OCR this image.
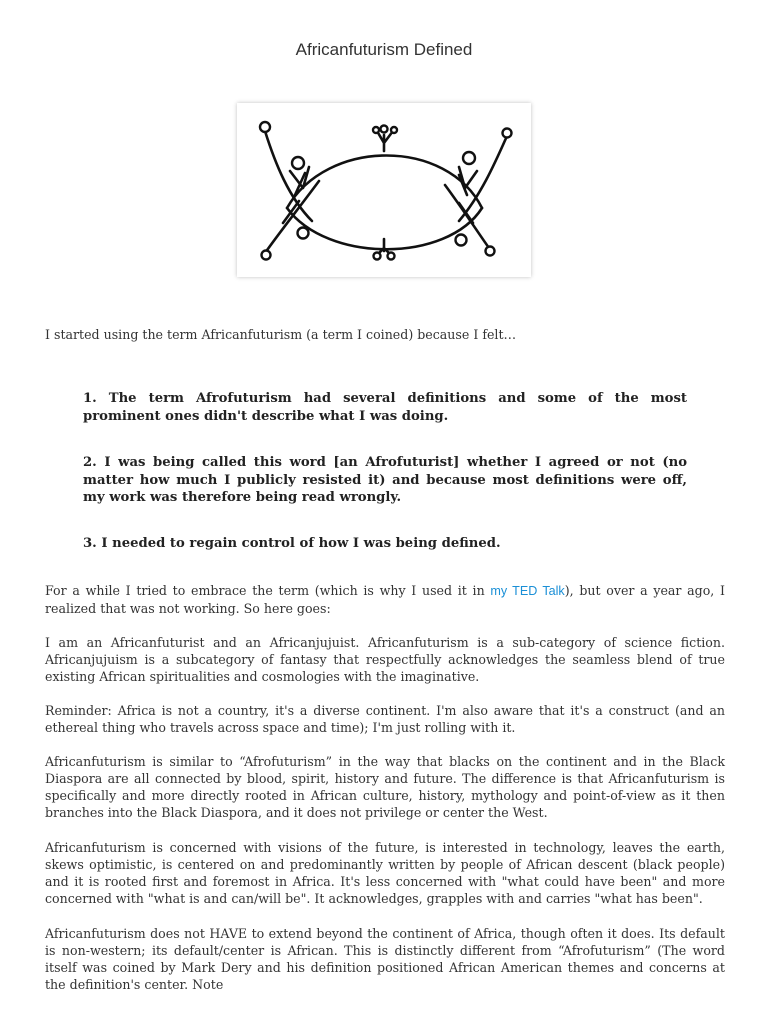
Africanfuturism Defined
I started using the term Africanfuturism (a term I coined) because I felt…
1. The term Afrofuturism had several definitions and some of the most prominent ones didn't describe what I was doing.
2. I was being called this word [an Afrofuturist] whether I agreed or not (no matter how much I publicly resisted it) and because most definitions were off, my work was therefore being read wrongly.
3. I needed to regain control of how I was being defined.
For a while I tried to embrace the term (which is why I used it in my TED Talk), but over a year ago, I realized that was not working. So here goes:
I am an Africanfuturist and an Africanjujuist. Africanfuturism is a sub-category of science fiction. Africanjujuism is a subcategory of fantasy that respectfully acknowledges the seamless blend of true existing African spiritualities and cosmologies with the imaginative.
Reminder: Africa is not a country, it's a diverse continent. I'm also aware that it's a construct (and an ethereal thing who travels across space and time); I'm just rolling with it.
Africanfuturism is similar to “Afrofuturism” in the way that blacks on the continent and in the Black Diaspora are all connected by blood, spirit, history and future. The difference is that Africanfuturism is specifically and more directly rooted in African culture, history, mythology and point-of-view as it then branches into the Black Diaspora, and it does not privilege or center the West.
Africanfuturism is concerned with visions of the future, is interested in technology, leaves the earth, skews optimistic, is centered on and predominantly written by people of African descent (black people) and it is rooted first and foremost in Africa. It's less concerned with "what could have been" and more concerned with "what is and can/will be". It acknowledges, grapples with and carries "what has been".
Africanfuturism does not HAVE to extend beyond the continent of Africa, though often it does. Its default is non-western; its default/center is African. This is distinctly different from “Afrofuturism” (The word itself was coined by Mark Dery and his definition positioned African American themes and concerns at the definition's center. Note
